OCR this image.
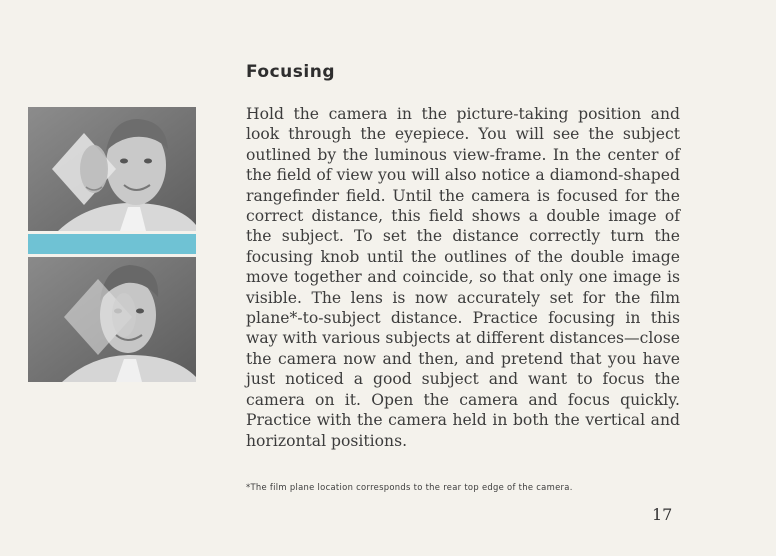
Focusing

Hold the camera in the picture-taking position and look through the eyepiece. You will see the subject outlined by the luminous view-frame. In the center of the field of view you will also notice a diamond-shaped rangefinder field. Until the camera is focused for the correct distance, this field shows a double image of the subject. To set the distance correctly turn the focusing knob until the outlines of the double image move together and coincide, so that only one image is visible. The lens is now accurately set for the film plane*-to-subject distance. Practice focusing in this way with various subjects at different distances—close the camera now and then, and pretend that you have just noticed a good subject and want to focus the camera on it. Open the camera and focus quickly. Practice with the camera held in both the vertical and horizontal positions.

*The film plane location corresponds to the rear top edge of the camera.

17
